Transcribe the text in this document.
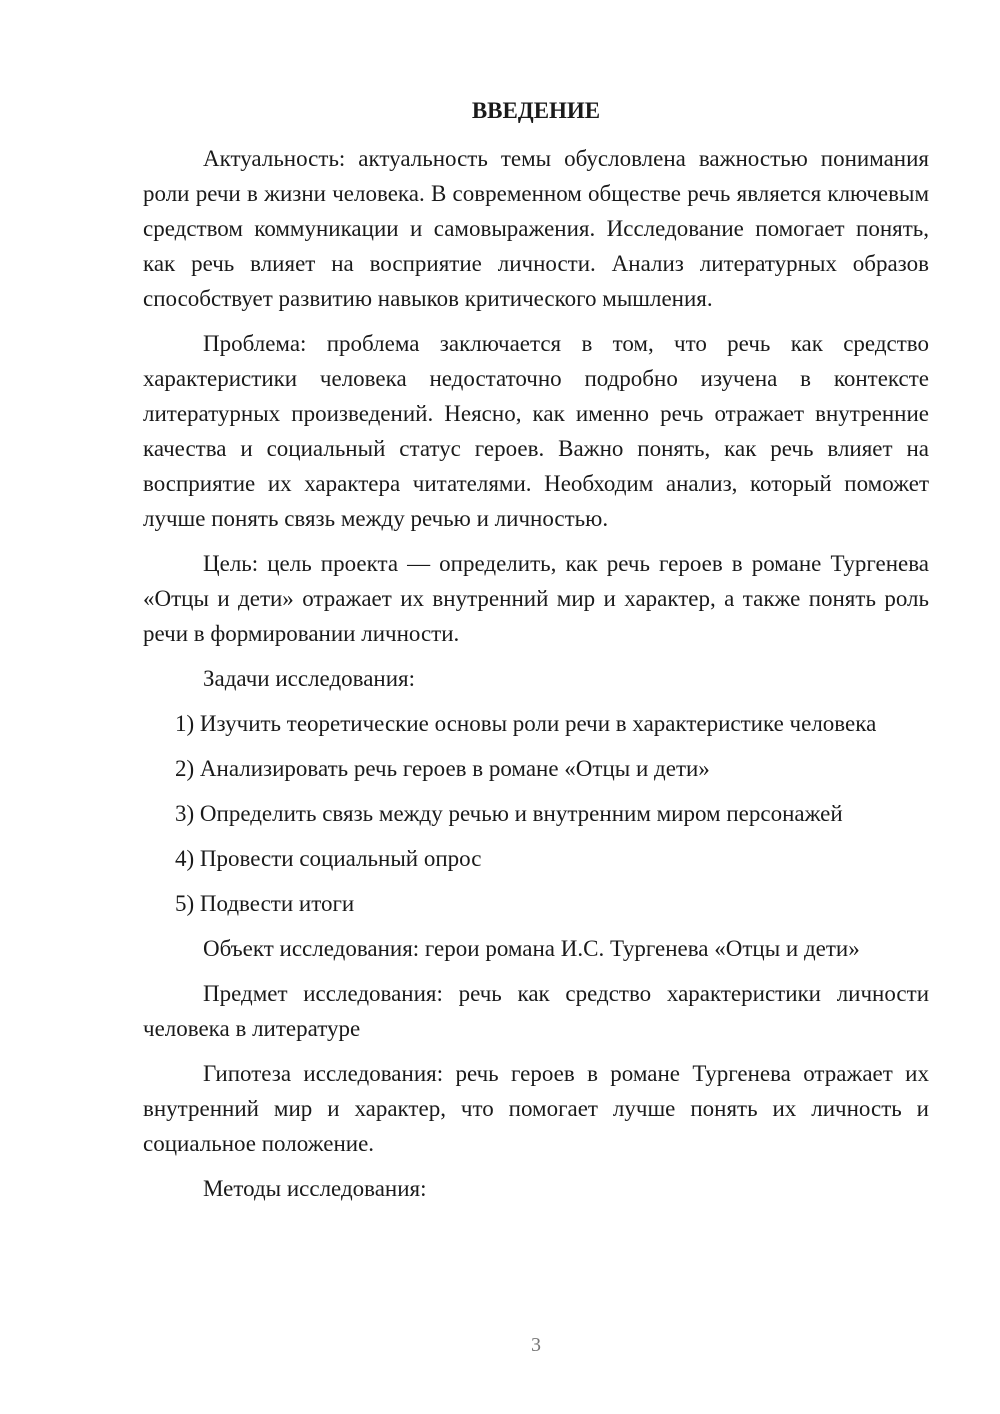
ВВЕДЕНИЕ

Актуальность: актуальность темы обусловлена важностью понимания роли речи в жизни человека. В современном обществе речь является ключевым средством коммуникации и самовыражения. Исследование помогает понять, как речь влияет на восприятие личности. Анализ литературных образов способствует развитию навыков критического мышления.

Проблема: проблема заключается в том, что речь как средство характеристики человека недостаточно подробно изучена в контексте литературных произведений. Неясно, как именно речь отражает внутренние качества и социальный статус героев. Важно понять, как речь влияет на восприятие их характера читателями. Необходим анализ, который поможет лучше понять связь между речью и личностью.

Цель: цель проекта — определить, как речь героев в романе Тургенева «Отцы и дети» отражает их внутренний мир и характер, а также понять роль речи в формировании личности.

Задачи исследования:

1) Изучить теоретические основы роли речи в характеристике человека

2) Анализировать речь героев в романе «Отцы и дети»

3) Определить связь между речью и внутренним миром персонажей

4) Провести социальный опрос

5) Подвести итоги

Объект исследования: герои романа И.С. Тургенева «Отцы и дети»

Предмет исследования: речь как средство характеристики личности человека в литературе

Гипотеза исследования: речь героев в романе Тургенева отражает их внутренний мир и характер, что помогает лучше понять их личность и социальное положение.

Методы исследования:

3
